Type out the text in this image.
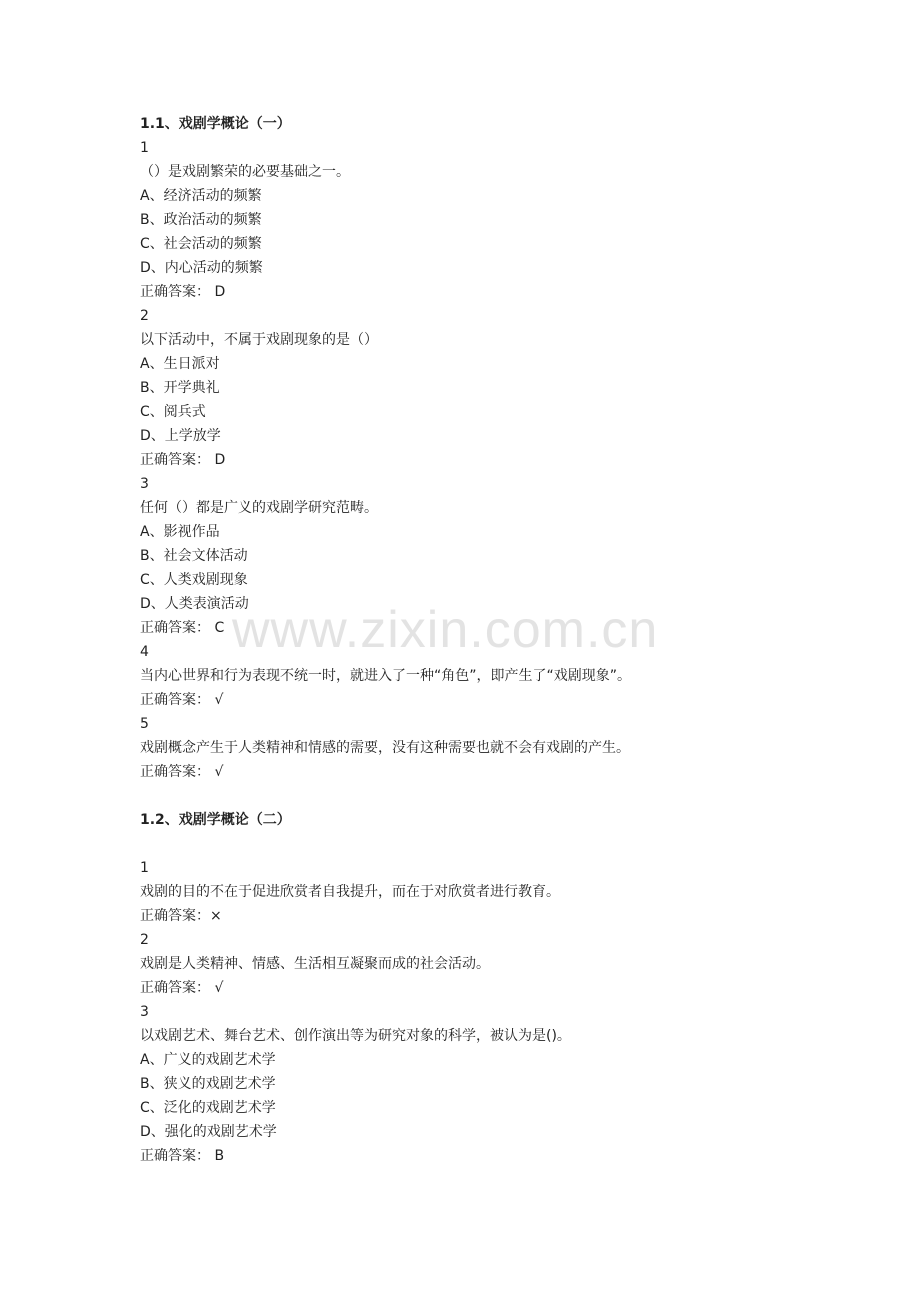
1.1、戏剧学概论（一）
1
（）是戏剧繁荣的必要基础之一。
A、经济活动的频繁
B、政治活动的频繁
C、社会活动的频繁
D、内心活动的频繁
正确答案： D
2
以下活动中，不属于戏剧现象的是（）
A、生日派对
B、开学典礼
C、阅兵式
D、上学放学
正确答案： D
3
任何（）都是广义的戏剧学研究范畴。
A、影视作品
B、社会文体活动
C、人类戏剧现象
D、人类表演活动
正确答案： C
4
当内心世界和行为表现不统一时，就进入了一种“角色”，即产生了“戏剧现象”。
正确答案： √
5
戏剧概念产生于人类精神和情感的需要，没有这种需要也就不会有戏剧的产生。
正确答案： √
1.2、戏剧学概论（二）
1
戏剧的目的不在于促进欣赏者自我提升，而在于对欣赏者进行教育。
正确答案：×
2
戏剧是人类精神、情感、生活相互凝聚而成的社会活动。
正确答案： √
3
以戏剧艺术、舞台艺术、创作演出等为研究对象的科学，被认为是()。
A、广义的戏剧艺术学
B、狭义的戏剧艺术学
C、泛化的戏剧艺术学
D、强化的戏剧艺术学
正确答案： B
www.zixin.com.cn
